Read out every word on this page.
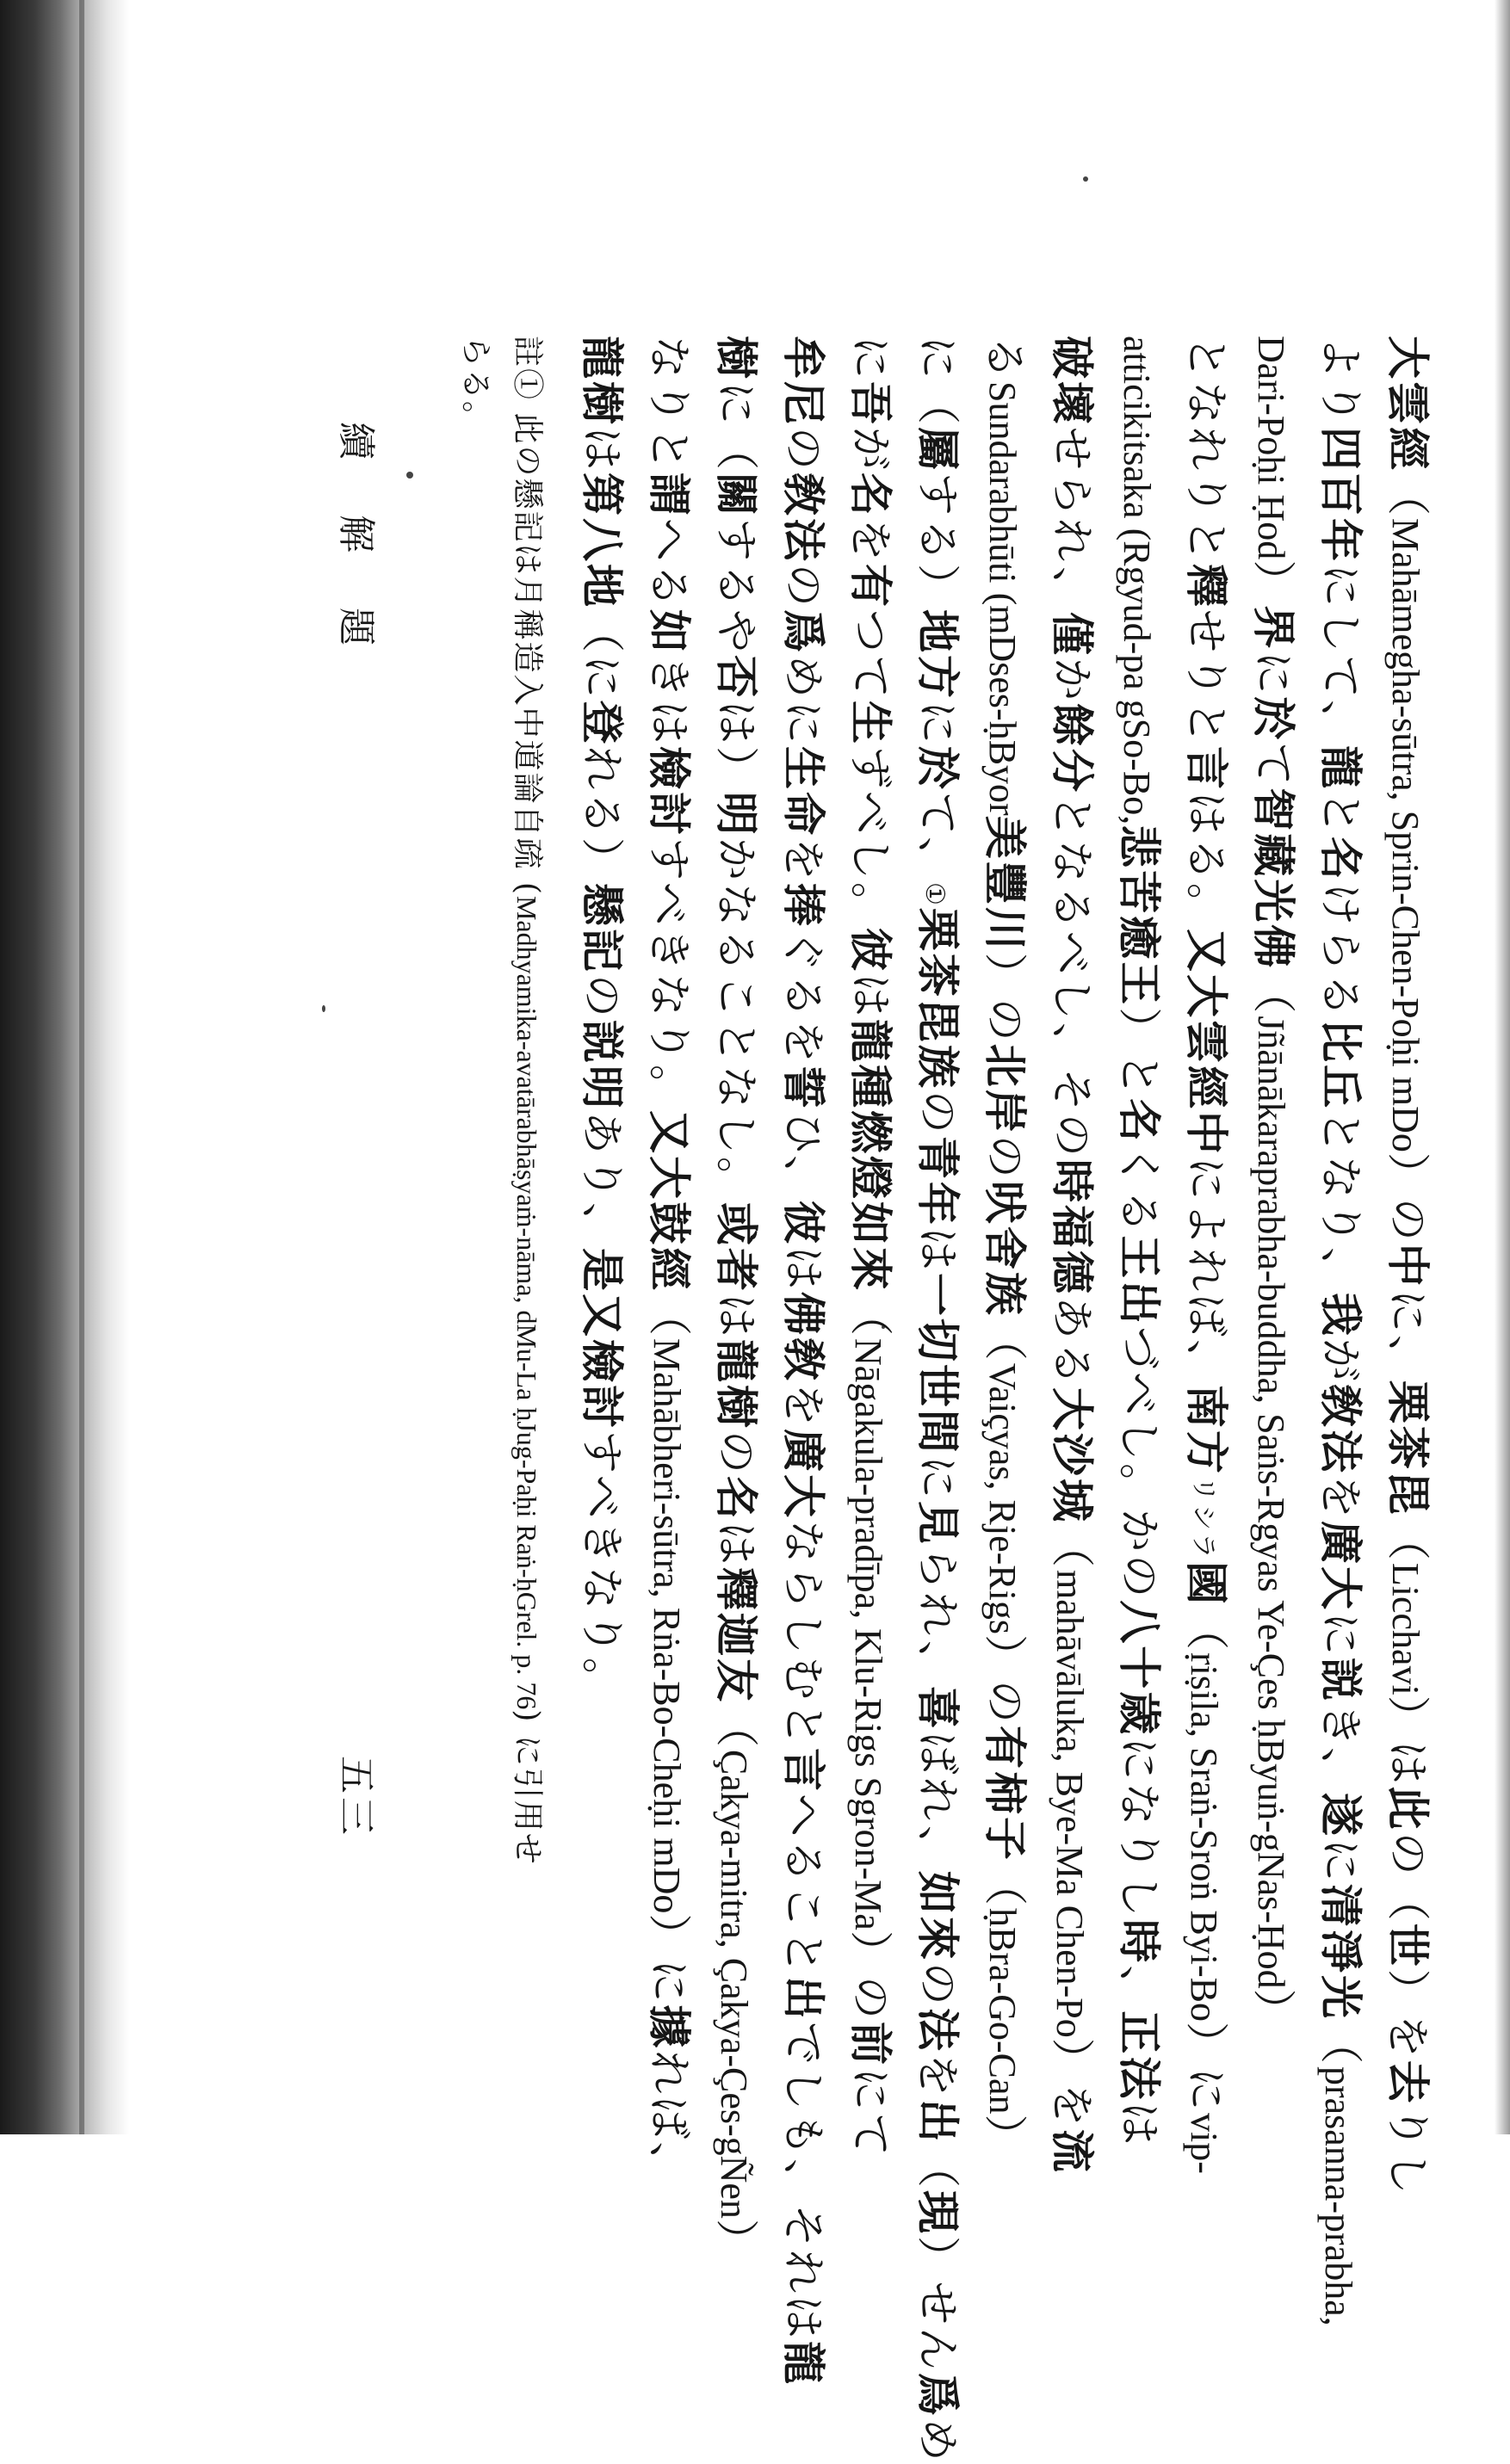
大雲經（Mahāmegha-sūtra, Sprin-Chen-Poḥi mDo）の中に、栗茶毘（Licchavi）は此の（世）を去りし
より四百年にして、龍と名けらる比丘となり、我が敎法を廣大に説き、遂に清淨光（prasanna-prabha,
Dari-Poḥi Ḥod）界に於て智藏光佛（Jñānākaraprabha-buddha, Saṅs-Rgyas Ye-Çes ḥByuṅ-gNas-Ḥod）
となれりと釋せりと言はる。又大雲經中によれば、南方リシラ國（ṛiṣila, Sraṅ-Sroṅ Byi-Bo）にvip-
atticikitsaka (Rgyud-pa gSo-Bo,悲苦癒王）と名くる王出づべし。かの八十歳になりし時、正法は
破壞せられ、僅か餘分となるべし、その時福德ある大沙城（mahāvāluka, Bye-Ma Chen-Po）を流
るSundarabhūti (mDses-ḥByor美豐川）の北岸の吠舍族（Vaiçyas, Rje-Rigs）の有柿子（ḥBra-Go-Can）
に（屬する）地方に於て、①栗茶毘族の青年は一切世間に見られ、喜ばれ、如來の法を出（現）せん爲め
に吾が名を有つて生ずべし。彼は龍種燃燈如來（Nāgakula-pradīpa, Klu-Rigs Sgron-Ma）の前にて
牟尼の敎法の爲めに生命を捧ぐるを誓ひ、彼は佛敎を廣大ならしむと言へること出でしも、それは龍
樹に（關するや否は）明かなることなし。或者は龍樹の名は釋迦友（Çakya-mitra, Çakya-Çes-gÑen）
なりと謂へる如きは檢討すべきなり。又大鼓經（Mahābheri-sūtra, Rṅa-Bo-Cheḥi mDo）に據れば、
龍樹は第八地（に登れる）懸記の説明あり、是又檢討すべきなり。
註① 此の懸記は月稱造入中道論自疏 (Madhyamika-avatārabhāṣyaṁ-nāma, dMu-La ḥJug-Paḥi Raṅ-ḥGrel. p. 76) に引用せ
らる。
續解題
五三
